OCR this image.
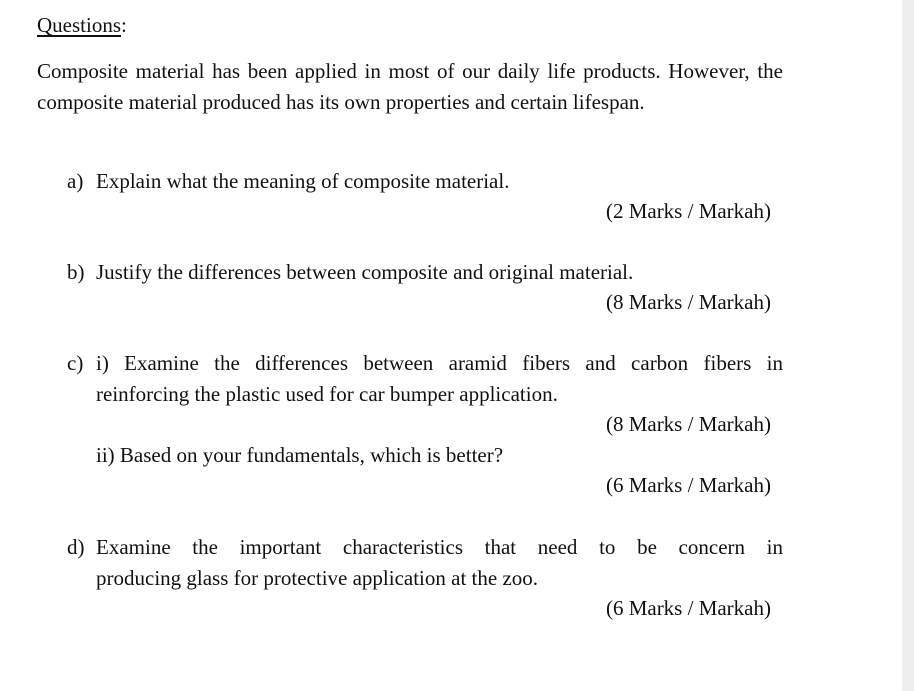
Questions:
Composite material has been applied in most of our daily life products. However, the composite material produced has its own properties and certain lifespan.
a) Explain what the meaning of composite material.
(2 Marks / Markah)
b) Justify the differences between composite and original material.
(8 Marks / Markah)
c) i) Examine the differences between aramid fibers and carbon fibers in
reinforcing the plastic used for car bumper application.
(8 Marks / Markah)
ii) Based on your fundamentals, which is better?
(6 Marks / Markah)
d) Examine the important characteristics that need to be concern in
producing glass for protective application at the zoo.
(6 Marks / Markah)
